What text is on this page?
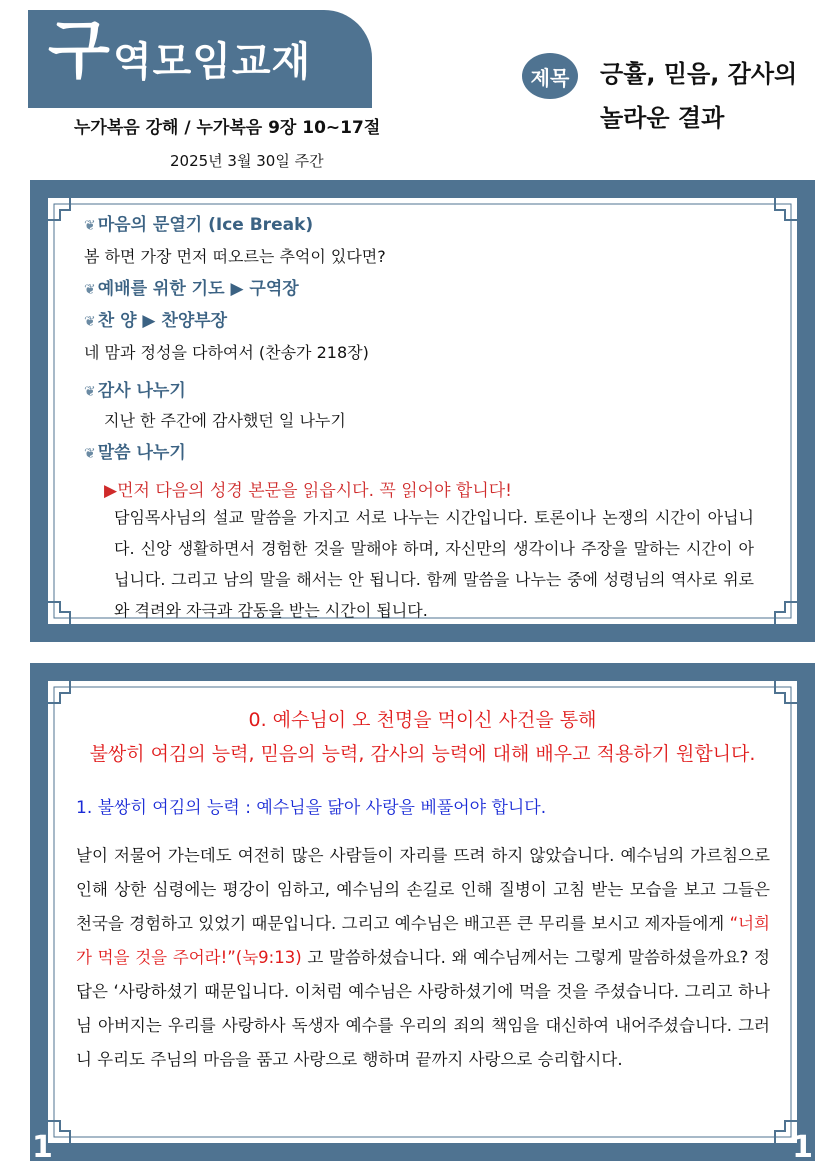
구 역모임교재	제목	긍휼, 믿음, 감사의
놀라운 결과
누가복음 강해 / 누가복음 9장 10~17절
2025년 3월 30일 주간
❦ 마음의 문열기 (Ice Break)
봄 하면 가장 먼저 떠오르는 추억이 있다면?
❦ 예배를 위한 기도 ▶ 구역장
❦ 찬 양 ▶ 찬양부장
네 맘과 정성을 다하여서 (찬송가 218장)
❦ 감사 나누기
지난 한 주간에 감사했던 일 나누기
❦ 말씀 나누기
▶먼저 다음의 성경 본문을 읽읍시다. 꼭 읽어야 합니다!
담임목사님의 설교 말씀을 가지고 서로 나누는 시간입니다. 토론이나 논쟁의 시간이 아닙니다. 신앙 생활하면서 경험한 것을 말해야 하며, 자신만의 생각이나 주장을 말하는 시간이 아닙니다. 그리고 남의 말을 해서는 안 됩니다. 함께 말씀을 나누는 중에 성령님의 역사로 위로와 격려와 자극과 감동을 받는 시간이 됩니다.
0. 예수님이 오 천명을 먹이신 사건을 통해
불쌍히 여김의 능력, 믿음의 능력, 감사의 능력에 대해 배우고 적용하기 원합니다.
1. 불쌍히 여김의 능력 : 예수님을 닮아 사랑을 베풀어야 합니다.
날이 저물어 가는데도 여전히 많은 사람들이 자리를 뜨려 하지 않았습니다. 예수님의 가르침으로 인해 상한 심령에는 평강이 임하고, 예수님의 손길로 인해 질병이 고침 받는 모습을 보고 그들은 천국을 경험하고 있었기 때문입니다. 그리고 예수님은 배고픈 큰 무리를 보시고 제자들에게 “너희가 먹을 것을 주어라!”(눅9:13) 고 말씀하셨습니다. 왜 예수님께서는 그렇게 말씀하셨을까요? 정답은 ‘사랑하셨기 때문입니다. 이처럼 예수님은 사랑하셨기에 먹을 것을 주셨습니다. 그리고 하나님 아버지는 우리를 사랑하사 독생자 예수를 우리의 죄의 책임을 대신하여 내어주셨습니다. 그러니 우리도 주님의 마음을 품고 사랑으로 행하며 끝까지 사랑으로 승리합시다.
1	1
